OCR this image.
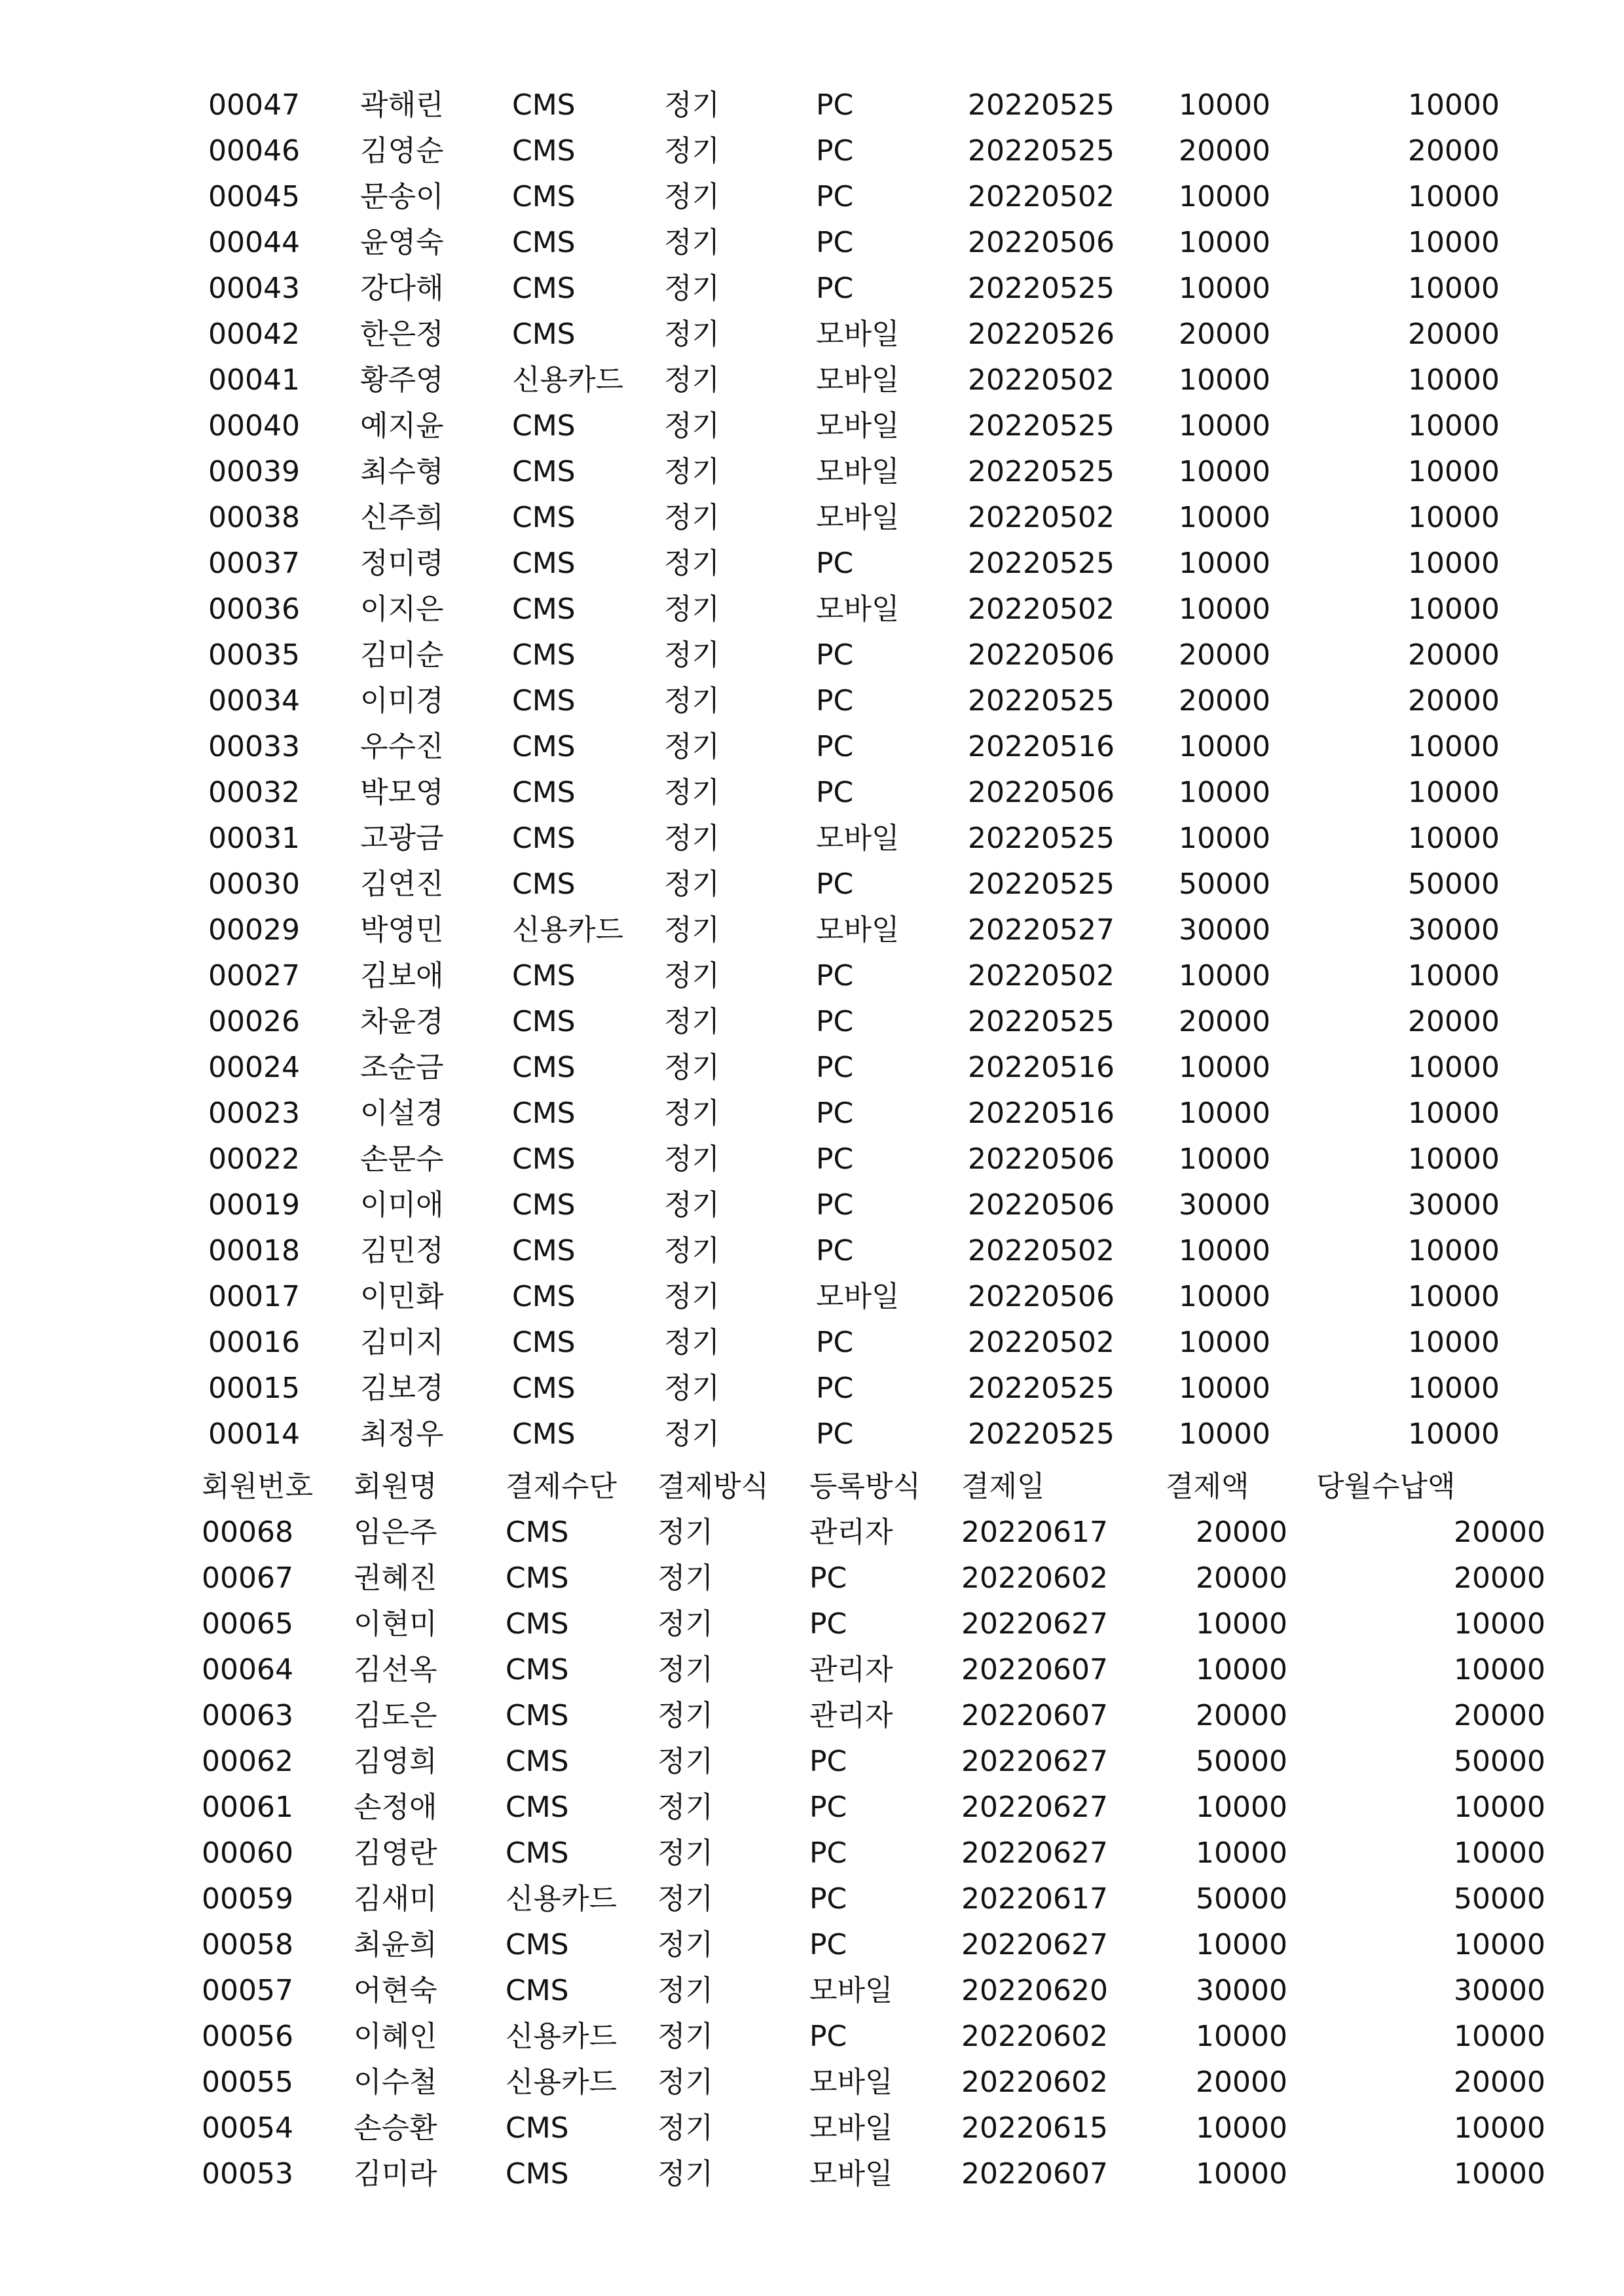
00047	곽해린	CMS	정기	PC	20220525	10000	10000
00046	김영순	CMS	정기	PC	20220525	20000	20000
00045	문송이	CMS	정기	PC	20220502	10000	10000
00044	윤영숙	CMS	정기	PC	20220506	10000	10000
00043	강다해	CMS	정기	PC	20220525	10000	10000
00042	한은정	CMS	정기	모바일	20220526	20000	20000
00041	황주영	신용카드	정기	모바일	20220502	10000	10000
00040	예지윤	CMS	정기	모바일	20220525	10000	10000
00039	최수형	CMS	정기	모바일	20220525	10000	10000
00038	신주희	CMS	정기	모바일	20220502	10000	10000
00037	정미령	CMS	정기	PC	20220525	10000	10000
00036	이지은	CMS	정기	모바일	20220502	10000	10000
00035	김미순	CMS	정기	PC	20220506	20000	20000
00034	이미경	CMS	정기	PC	20220525	20000	20000
00033	우수진	CMS	정기	PC	20220516	10000	10000
00032	박모영	CMS	정기	PC	20220506	10000	10000
00031	고광금	CMS	정기	모바일	20220525	10000	10000
00030	김연진	CMS	정기	PC	20220525	50000	50000
00029	박영민	신용카드	정기	모바일	20220527	30000	30000
00027	김보애	CMS	정기	PC	20220502	10000	10000
00026	차윤경	CMS	정기	PC	20220525	20000	20000
00024	조순금	CMS	정기	PC	20220516	10000	10000
00023	이설경	CMS	정기	PC	20220516	10000	10000
00022	손문수	CMS	정기	PC	20220506	10000	10000
00019	이미애	CMS	정기	PC	20220506	30000	30000
00018	김민정	CMS	정기	PC	20220502	10000	10000
00017	이민화	CMS	정기	모바일	20220506	10000	10000
00016	김미지	CMS	정기	PC	20220502	10000	10000
00015	김보경	CMS	정기	PC	20220525	10000	10000
00014	최정우	CMS	정기	PC	20220525	10000	10000
회원번호	회원명	결제수단	결제방식	등록방식	결제일	결제액	당월수납액
00068	임은주	CMS	정기	관리자	20220617	20000	20000
00067	권혜진	CMS	정기	PC	20220602	20000	20000
00065	이현미	CMS	정기	PC	20220627	10000	10000
00064	김선옥	CMS	정기	관리자	20220607	10000	10000
00063	김도은	CMS	정기	관리자	20220607	20000	20000
00062	김영희	CMS	정기	PC	20220627	50000	50000
00061	손정애	CMS	정기	PC	20220627	10000	10000
00060	김영란	CMS	정기	PC	20220627	10000	10000
00059	김새미	신용카드	정기	PC	20220617	50000	50000
00058	최윤희	CMS	정기	PC	20220627	10000	10000
00057	어현숙	CMS	정기	모바일	20220620	30000	30000
00056	이혜인	신용카드	정기	PC	20220602	10000	10000
00055	이수철	신용카드	정기	모바일	20220602	20000	20000
00054	손승환	CMS	정기	모바일	20220615	10000	10000
00053	김미라	CMS	정기	모바일	20220607	10000	10000
